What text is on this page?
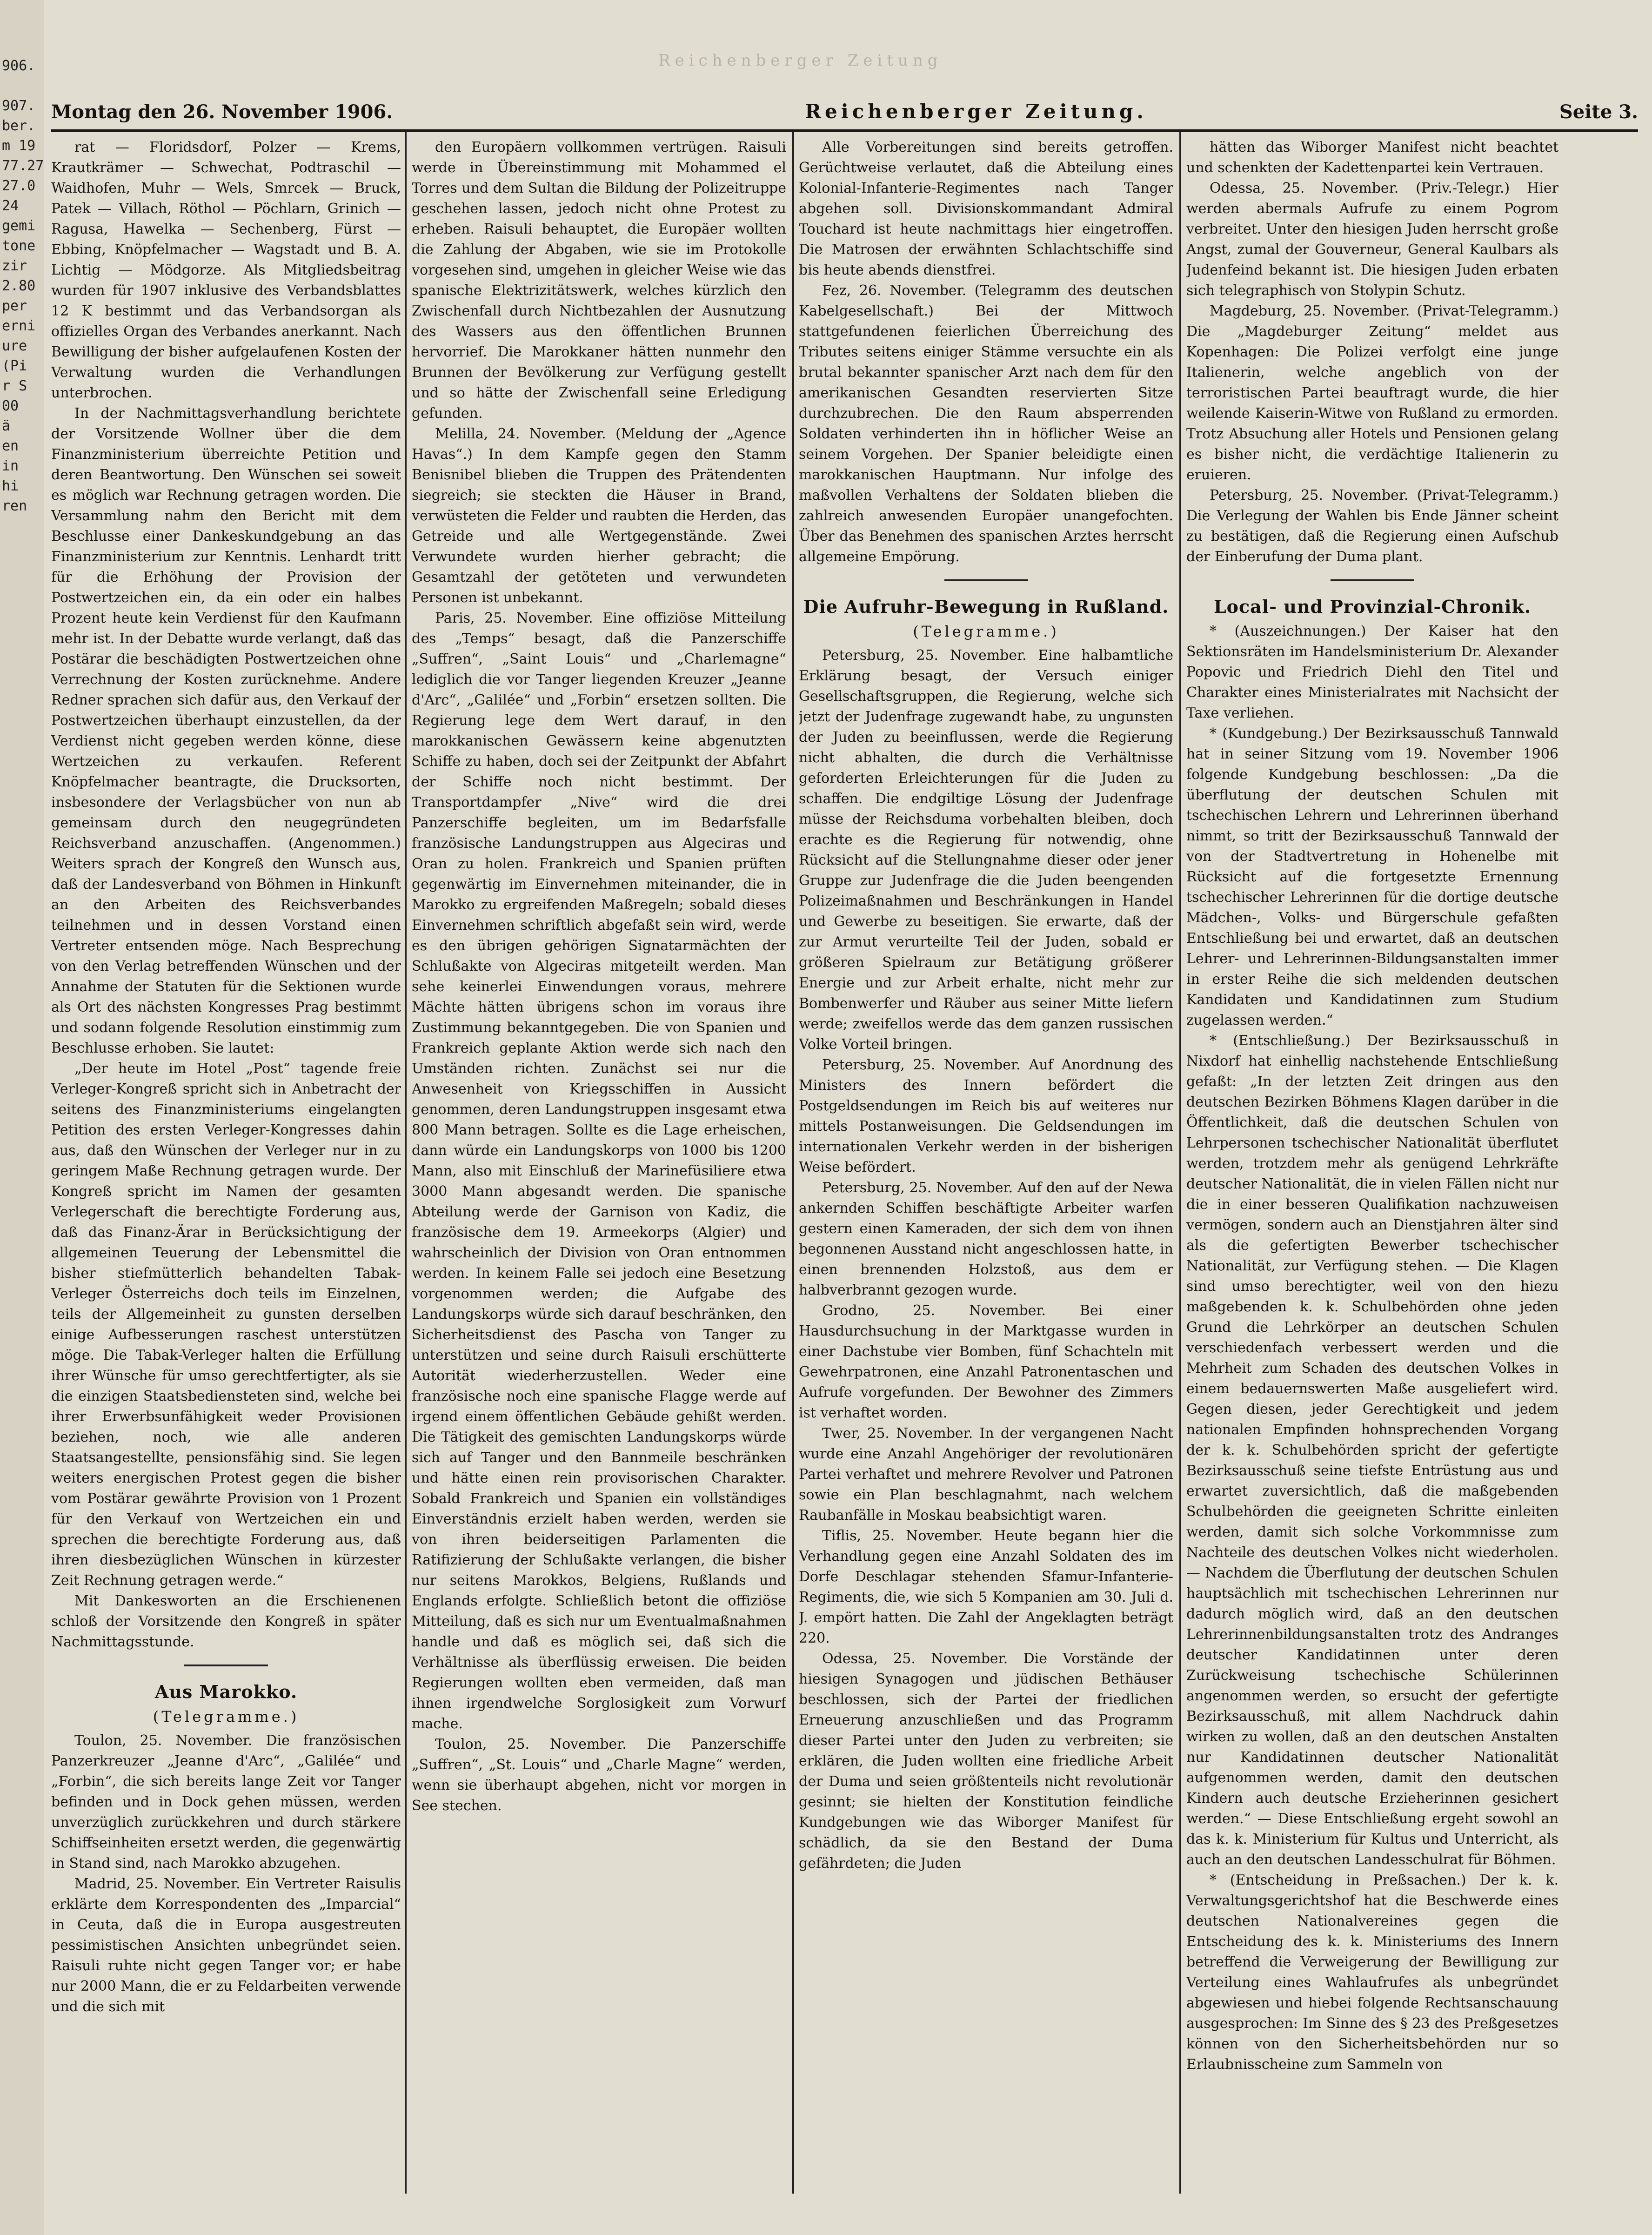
906.

907.
ber.
m 19
77.27
27.0
24
gemi
tone
zir
2.80
per
erni
ure
(Pi
r S
00
ä
en
in
hi
ren
Reichenberger Zeitung
Montag den 26. November 1906.	Reichenberger Zeitung.	Seite 3.

rat — Floridsdorf, Polzer — Krems, Krautkrämer — Schwechat, Podtraschil — Waidhofen, Muhr — Wels, Smrcek — Bruck, Patek — Villach, Röthol — Pöchlarn, Grinich — Ragusa, Hawelka — Sechenberg, Fürst — Ebbing, Knöpfelmacher — Wagstadt und B. A. Lichtig — Mödgorze. Als Mitgliedsbeitrag wurden für 1907 inklusive des Verbandsblattes 12 K bestimmt und das Verbandsorgan als offizielles Organ des Verbandes anerkannt. Nach Bewilligung der bisher aufgelaufenen Kosten der Verwaltung wurden die Verhandlungen unterbrochen.

In der Nachmittagsverhandlung berichtete der Vorsitzende Wollner über die dem Finanzministerium überreichte Petition und deren Beantwortung. Den Wünschen sei soweit es möglich war Rechnung getragen worden. Die Versammlung nahm den Bericht mit dem Beschlusse einer Dankeskundgebung an das Finanzministerium zur Kenntnis. Lenhardt tritt für die Erhöhung der Provision der Postwertzeichen ein, da ein oder ein halbes Prozent heute kein Verdienst für den Kaufmann mehr ist. In der Debatte wurde verlangt, daß das Postärar die beschädigten Postwertzeichen ohne Verrechnung der Kosten zurücknehme. Andere Redner sprachen sich dafür aus, den Verkauf der Postwertzeichen überhaupt einzustellen, da der Verdienst nicht gegeben werden könne, diese Wertzeichen zu verkaufen. Referent Knöpfelmacher beantragte, die Drucksorten, insbesondere der Verlagsbücher von nun ab gemeinsam durch den neugegründeten Reichsverband anzuschaffen. (Angenommen.) Weiters sprach der Kongreß den Wunsch aus, daß der Landesverband von Böhmen in Hinkunft an den Arbeiten des Reichsverbandes teilnehmen und in dessen Vorstand einen Vertreter entsenden möge. Nach Besprechung von den Verlag betreffenden Wünschen und der Annahme der Statuten für die Sektionen wurde als Ort des nächsten Kongresses Prag bestimmt und sodann folgende Resolution einstimmig zum Beschlusse erhoben. Sie lautet:

„Der heute im Hotel „Post“ tagende freie Verleger-Kongreß spricht sich in Anbetracht der seitens des Finanzministeriums eingelangten Petition des ersten Verleger-Kongresses dahin aus, daß den Wünschen der Verleger nur in zu geringem Maße Rechnung getragen wurde. Der Kongreß spricht im Namen der gesamten Verlegerschaft die berechtigte Forderung aus, daß das Finanz-Ärar in Berücksichtigung der allgemeinen Teuerung der Lebensmittel die bisher stiefmütterlich behandelten Tabak-Verleger Österreichs doch teils im Einzelnen, teils der Allgemeinheit zu gunsten derselben einige Aufbesserungen raschest unterstützen möge. Die Tabak-Verleger halten die Erfüllung ihrer Wünsche für umso gerechtfertigter, als sie die einzigen Staatsbediensteten sind, welche bei ihrer Erwerbsunfähigkeit weder Provisionen beziehen, noch, wie alle anderen Staatsangestellte, pensionsfähig sind. Sie legen weiters energischen Protest gegen die bisher vom Postärar gewährte Provision von 1 Prozent für den Verkauf von Wertzeichen ein und sprechen die berechtigte Forderung aus, daß ihren diesbezüglichen Wünschen in kürzester Zeit Rechnung getragen werde.“

Mit Dankesworten an die Erschienenen schloß der Vorsitzende den Kongreß in später Nachmittagsstunde.

Aus Marokko.
(Telegramme.)

Toulon, 25. November. Die französischen Panzerkreuzer „Jeanne d'Arc“, „Galilée“ und „Forbin“, die sich bereits lange Zeit vor Tanger befinden und in Dock gehen müssen, werden unverzüglich zurückkehren und durch stärkere Schiffseinheiten ersetzt werden, die gegenwärtig in Stand sind, nach Marokko abzugehen.

Madrid, 25. November. Ein Vertreter Raisulis erklärte dem Korrespondenten des „Imparcial“ in Ceuta, daß die in Europa ausgestreuten pessimistischen Ansichten unbegründet seien. Raisuli ruhte nicht gegen Tanger vor; er habe nur 2000 Mann, die er zu Feldarbeiten verwende und die sich mit

den Europäern vollkommen vertrügen. Raisuli werde in Übereinstimmung mit Mohammed el Torres und dem Sultan die Bildung der Polizeitruppe geschehen lassen, jedoch nicht ohne Protest zu erheben. Raisuli behauptet, die Europäer wollten die Zahlung der Abgaben, wie sie im Protokolle vorgesehen sind, umgehen in gleicher Weise wie das spanische Elektrizitätswerk, welches kürzlich den Zwischenfall durch Nichtbezahlen der Ausnutzung des Wassers aus den öffentlichen Brunnen hervorrief. Die Marokkaner hätten nunmehr den Brunnen der Bevölkerung zur Verfügung gestellt und so hätte der Zwischenfall seine Erledigung gefunden.

Melilla, 24. November. (Meldung der „Agence Havas“.) In dem Kampfe gegen den Stamm Benisnibel blieben die Truppen des Prätendenten siegreich; sie steckten die Häuser in Brand, verwüsteten die Felder und raubten die Herden, das Getreide und alle Wertgegenstände. Zwei Verwundete wurden hierher gebracht; die Gesamtzahl der getöteten und verwundeten Personen ist unbekannt.

Paris, 25. November. Eine offiziöse Mitteilung des „Temps“ besagt, daß die Panzerschiffe „Suffren“, „Saint Louis“ und „Charlemagne“ lediglich die vor Tanger liegenden Kreuzer „Jeanne d'Arc“, „Galilée“ und „Forbin“ ersetzen sollten. Die Regierung lege dem Wert darauf, in den marokkanischen Gewässern keine abgenutzten Schiffe zu haben, doch sei der Zeitpunkt der Abfahrt der Schiffe noch nicht bestimmt. Der Transportdampfer „Nive“ wird die drei Panzerschiffe begleiten, um im Bedarfsfalle französische Landungstruppen aus Algeciras und Oran zu holen. Frankreich und Spanien prüften gegenwärtig im Einvernehmen miteinander, die in Marokko zu ergreifenden Maßregeln; sobald dieses Einvernehmen schriftlich abgefaßt sein wird, werde es den übrigen gehörigen Signatarmächten der Schlußakte von Algeciras mitgeteilt werden. Man sehe keinerlei Einwendungen voraus, mehrere Mächte hätten übrigens schon im voraus ihre Zustimmung bekanntgegeben. Die von Spanien und Frankreich geplante Aktion werde sich nach den Umständen richten. Zunächst sei nur die Anwesenheit von Kriegsschiffen in Aussicht genommen, deren Landungstruppen insgesamt etwa 800 Mann betragen. Sollte es die Lage erheischen, dann würde ein Landungskorps von 1000 bis 1200 Mann, also mit Einschluß der Marinefüsiliere etwa 3000 Mann abgesandt werden. Die spanische Abteilung werde der Garnison von Kadiz, die französische dem 19. Armeekorps (Algier) und wahrscheinlich der Division von Oran entnommen werden. In keinem Falle sei jedoch eine Besetzung vorgenommen werden; die Aufgabe des Landungskorps würde sich darauf beschränken, den Sicherheitsdienst des Pascha von Tanger zu unterstützen und seine durch Raisuli erschütterte Autorität wiederherzustellen. Weder eine französische noch eine spanische Flagge werde auf irgend einem öffentlichen Gebäude gehißt werden. Die Tätigkeit des gemischten Landungskorps würde sich auf Tanger und den Bannmeile beschränken und hätte einen rein provisorischen Charakter. Sobald Frankreich und Spanien ein vollständiges Einverständnis erzielt haben werden, werden sie von ihren beiderseitigen Parlamenten die Ratifizierung der Schlußakte verlangen, die bisher nur seitens Marokkos, Belgiens, Rußlands und Englands erfolgte. Schließlich betont die offiziöse Mitteilung, daß es sich nur um Eventualmaßnahmen handle und daß es möglich sei, daß sich die Verhältnisse als überflüssig erweisen. Die beiden Regierungen wollten eben vermeiden, daß man ihnen irgendwelche Sorglosigkeit zum Vorwurf mache.

Toulon, 25. November. Die Panzerschiffe „Suffren“, „St. Louis“ und „Charle Magne“ werden, wenn sie überhaupt abgehen, nicht vor morgen in See stechen.

Alle Vorbereitungen sind bereits getroffen. Gerüchtweise verlautet, daß die Abteilung eines Kolonial-Infanterie-Regimentes nach Tanger abgehen soll. Divisionskommandant Admiral Touchard ist heute nachmittags hier eingetroffen. Die Matrosen der erwähnten Schlachtschiffe sind bis heute abends dienstfrei.

Fez, 26. November. (Telegramm des deutschen Kabelgesellschaft.) Bei der Mittwoch stattgefundenen feierlichen Überreichung des Tributes seitens einiger Stämme versuchte ein als brutal bekannter spanischer Arzt nach dem für den amerikanischen Gesandten reservierten Sitze durchzubrechen. Die den Raum absperrenden Soldaten verhinderten ihn in höflicher Weise an seinem Vorgehen. Der Spanier beleidigte einen marokkanischen Hauptmann. Nur infolge des maßvollen Verhaltens der Soldaten blieben die zahlreich anwesenden Europäer unangefochten. Über das Benehmen des spanischen Arztes herrscht allgemeine Empörung.

Die Aufruhr-Bewegung in Rußland.
(Telegramme.)

Petersburg, 25. November. Eine halbamtliche Erklärung besagt, der Versuch einiger Gesellschaftsgruppen, die Regierung, welche sich jetzt der Judenfrage zugewandt habe, zu ungunsten der Juden zu beeinflussen, werde die Regierung nicht abhalten, die durch die Verhältnisse geforderten Erleichterungen für die Juden zu schaffen. Die endgiltige Lösung der Judenfrage müsse der Reichsduma vorbehalten bleiben, doch erachte es die Regierung für notwendig, ohne Rücksicht auf die Stellungnahme dieser oder jener Gruppe zur Judenfrage die die Juden beengenden Polizeimaßnahmen und Beschränkungen in Handel und Gewerbe zu beseitigen. Sie erwarte, daß der zur Armut verurteilte Teil der Juden, sobald er größeren Spielraum zur Betätigung größerer Energie und zur Arbeit erhalte, nicht mehr zur Bombenwerfer und Räuber aus seiner Mitte liefern werde; zweifellos werde das dem ganzen russischen Volke Vorteil bringen.

Petersburg, 25. November. Auf Anordnung des Ministers des Innern befördert die Postgeldsendungen im Reich bis auf weiteres nur mittels Postanweisungen. Die Geldsendungen im internationalen Verkehr werden in der bisherigen Weise befördert.

Petersburg, 25. November. Auf den auf der Newa ankernden Schiffen beschäftigte Arbeiter warfen gestern einen Kameraden, der sich dem von ihnen begonnenen Ausstand nicht angeschlossen hatte, in einen brennenden Holzstoß, aus dem er halbverbrannt gezogen wurde.

Grodno, 25. November. Bei einer Hausdurchsuchung in der Marktgasse wurden in einer Dachstube vier Bomben, fünf Schachteln mit Gewehrpatronen, eine Anzahl Patronentaschen und Aufrufe vorgefunden. Der Bewohner des Zimmers ist verhaftet worden.

Twer, 25. November. In der vergangenen Nacht wurde eine Anzahl Angehöriger der revolutionären Partei verhaftet und mehrere Revolver und Patronen sowie ein Plan beschlagnahmt, nach welchem Raubanfälle in Moskau beabsichtigt waren.

Tiflis, 25. November. Heute begann hier die Verhandlung gegen eine Anzahl Soldaten des im Dorfe Deschlagar stehenden Sfamur-Infanterie-Regiments, die, wie sich 5 Kompanien am 30. Juli d. J. empört hatten. Die Zahl der Angeklagten beträgt 220.

Odessa, 25. November. Die Vorstände der hiesigen Synagogen und jüdischen Bethäuser beschlossen, sich der Partei der friedlichen Erneuerung anzuschließen und das Programm dieser Partei unter den Juden zu verbreiten; sie erklären, die Juden wollten eine friedliche Arbeit der Duma und seien größtenteils nicht revolutionär gesinnt; sie hielten der Konstitution feindliche Kundgebungen wie das Wiborger Manifest für schädlich, da sie den Bestand der Duma gefährdeten; die Juden

hätten das Wiborger Manifest nicht beachtet und schenkten der Kadettenpartei kein Vertrauen.

Odessa, 25. November. (Priv.-Telegr.) Hier werden abermals Aufrufe zu einem Pogrom verbreitet. Unter den hiesigen Juden herrscht große Angst, zumal der Gouverneur, General Kaulbars als Judenfeind bekannt ist. Die hiesigen Juden erbaten sich telegraphisch von Stolypin Schutz.

Magdeburg, 25. November. (Privat-Telegramm.) Die „Magdeburger Zeitung“ meldet aus Kopenhagen: Die Polizei verfolgt eine junge Italienerin, welche angeblich von der terroristischen Partei beauftragt wurde, die hier weilende Kaiserin-Witwe von Rußland zu ermorden. Trotz Absuchung aller Hotels und Pensionen gelang es bisher nicht, die verdächtige Italienerin zu eruieren.

Petersburg, 25. November. (Privat-Telegramm.) Die Verlegung der Wahlen bis Ende Jänner scheint zu bestätigen, daß die Regierung einen Aufschub der Einberufung der Duma plant.

Local- und Provinzial-Chronik.

* (Auszeichnungen.) Der Kaiser hat den Sektionsräten im Handelsministerium Dr. Alexander Popovic und Friedrich Diehl den Titel und Charakter eines Ministerialrates mit Nachsicht der Taxe verliehen.

* (Kundgebung.) Der Bezirksausschuß Tannwald hat in seiner Sitzung vom 19. November 1906 folgende Kundgebung beschlossen: „Da die überflutung der deutschen Schulen mit tschechischen Lehrern und Lehrerinnen überhand nimmt, so tritt der Bezirksausschuß Tannwald der von der Stadtvertretung in Hohenelbe mit Rücksicht auf die fortgesetzte Ernennung tschechischer Lehrerinnen für die dortige deutsche Mädchen-, Volks- und Bürgerschule gefaßten Entschließung bei und erwartet, daß an deutschen Lehrer- und Lehrerinnen-Bildungsanstalten immer in erster Reihe die sich meldenden deutschen Kandidaten und Kandidatinnen zum Studium zugelassen werden.“

* (Entschließung.) Der Bezirksausschuß in Nixdorf hat einhellig nachstehende Entschließung gefaßt: „In der letzten Zeit dringen aus den deutschen Bezirken Böhmens Klagen darüber in die Öffentlichkeit, daß die deutschen Schulen von Lehrpersonen tschechischer Nationalität überflutet werden, trotzdem mehr als genügend Lehrkräfte deutscher Nationalität, die in vielen Fällen nicht nur die in einer besseren Qualifikation nachzuweisen vermögen, sondern auch an Dienstjahren älter sind als die gefertigten Bewerber tschechischer Nationalität, zur Verfügung stehen. — Die Klagen sind umso berechtigter, weil von den hiezu maßgebenden k. k. Schulbehörden ohne jeden Grund die Lehrkörper an deutschen Schulen verschiedenfach verbessert werden und die Mehrheit zum Schaden des deutschen Volkes in einem bedauernswerten Maße ausgeliefert wird. Gegen diesen, jeder Gerechtigkeit und jedem nationalen Empfinden hohnsprechenden Vorgang der k. k. Schulbehörden spricht der gefertigte Bezirksausschuß seine tiefste Entrüstung aus und erwartet zuversichtlich, daß die maßgebenden Schulbehörden die geeigneten Schritte einleiten werden, damit sich solche Vorkommnisse zum Nachteile des deutschen Volkes nicht wiederholen. — Nachdem die Überflutung der deutschen Schulen hauptsächlich mit tschechischen Lehrerinnen nur dadurch möglich wird, daß an den deutschen Lehrerinnenbildungsanstalten trotz des Andranges deutscher Kandidatinnen unter deren Zurückweisung tschechische Schülerinnen angenommen werden, so ersucht der gefertigte Bezirksausschuß, mit allem Nachdruck dahin wirken zu wollen, daß an den deutschen Anstalten nur Kandidatinnen deutscher Nationalität aufgenommen werden, damit den deutschen Kindern auch deutsche Erzieherinnen gesichert werden.“ — Diese Entschließung ergeht sowohl an das k. k. Ministerium für Kultus und Unterricht, als auch an den deutschen Landesschulrat für Böhmen.

* (Entscheidung in Preßsachen.) Der k. k. Verwaltungsgerichtshof hat die Beschwerde eines deutschen Nationalvereines gegen die Entscheidung des k. k. Ministeriums des Innern betreffend die Verweigerung der Bewilligung zur Verteilung eines Wahlaufrufes als unbegründet abgewiesen und hiebei folgende Rechtsanschauung ausgesprochen: Im Sinne des § 23 des Preßgesetzes können von den Sicherheitsbehörden nur so Erlaubnisscheine zum Sammeln von
